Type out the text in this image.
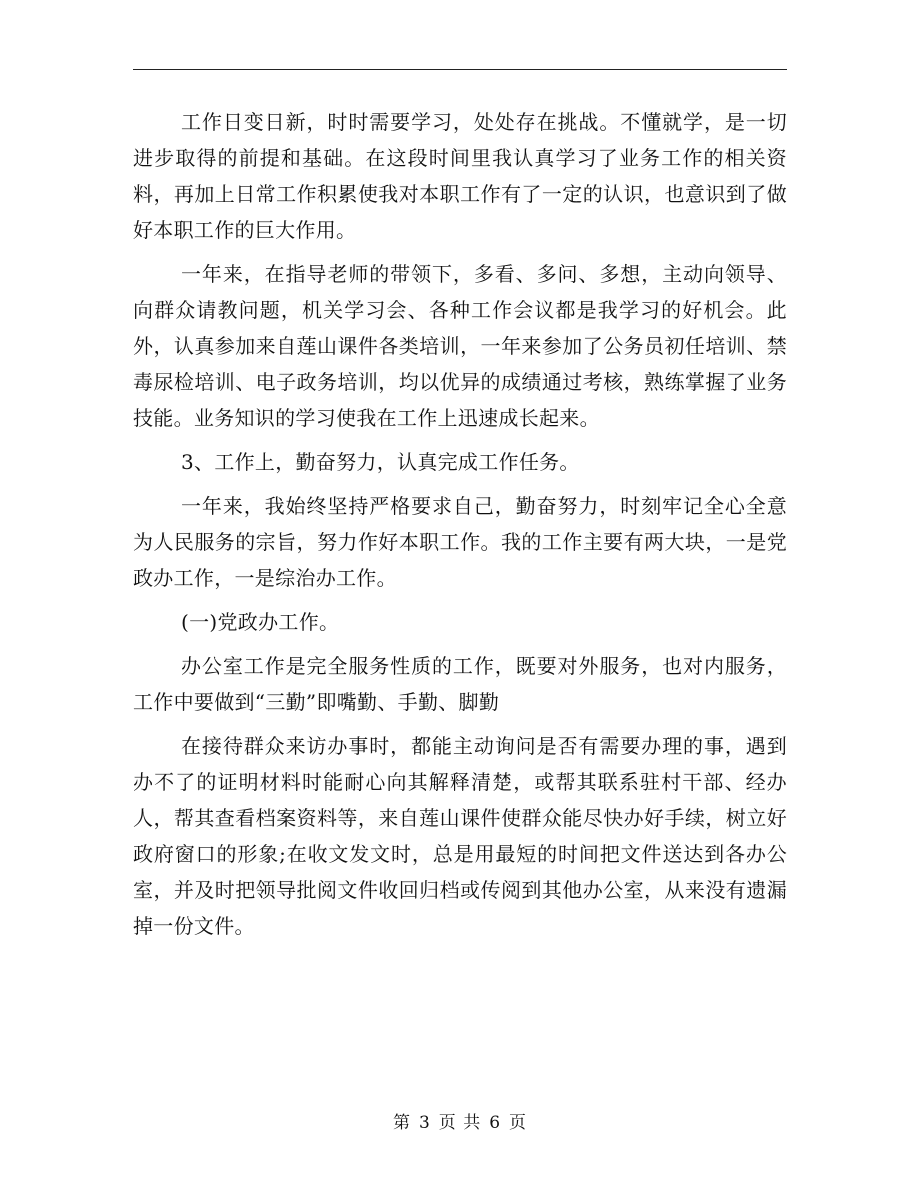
工作日变日新，时时需要学习，处处存在挑战。不懂就学，是一切进步取得的前提和基础。在这段时间里我认真学习了业务工作的相关资料，再加上日常工作积累使我对本职工作有了一定的认识，也意识到了做好本职工作的巨大作用。

一年来，在指导老师的带领下，多看、多问、多想，主动向领导、向群众请教问题，机关学习会、各种工作会议都是我学习的好机会。此外，认真参加来自莲山课件各类培训，一年来参加了公务员初任培训、禁毒尿检培训、电子政务培训，均以优异的成绩通过考核，熟练掌握了业务技能。业务知识的学习使我在工作上迅速成长起来。

3、工作上，勤奋努力，认真完成工作任务。

一年来，我始终坚持严格要求自己，勤奋努力，时刻牢记全心全意为人民服务的宗旨，努力作好本职工作。我的工作主要有两大块，一是党政办工作，一是综治办工作。

(一)党政办工作。

办公室工作是完全服务性质的工作，既要对外服务，也对内服务，工作中要做到“三勤”即嘴勤、手勤、脚勤

在接待群众来访办事时，都能主动询问是否有需要办理的事，遇到办不了的证明材料时能耐心向其解释清楚，或帮其联系驻村干部、经办人，帮其查看档案资料等，来自莲山课件使群众能尽快办好手续，树立好政府窗口的形象;在收文发文时，总是用最短的时间把文件送达到各办公室，并及时把领导批阅文件收回归档或传阅到其他办公室，从来没有遗漏掉一份文件。

第 3 页 共 6 页
